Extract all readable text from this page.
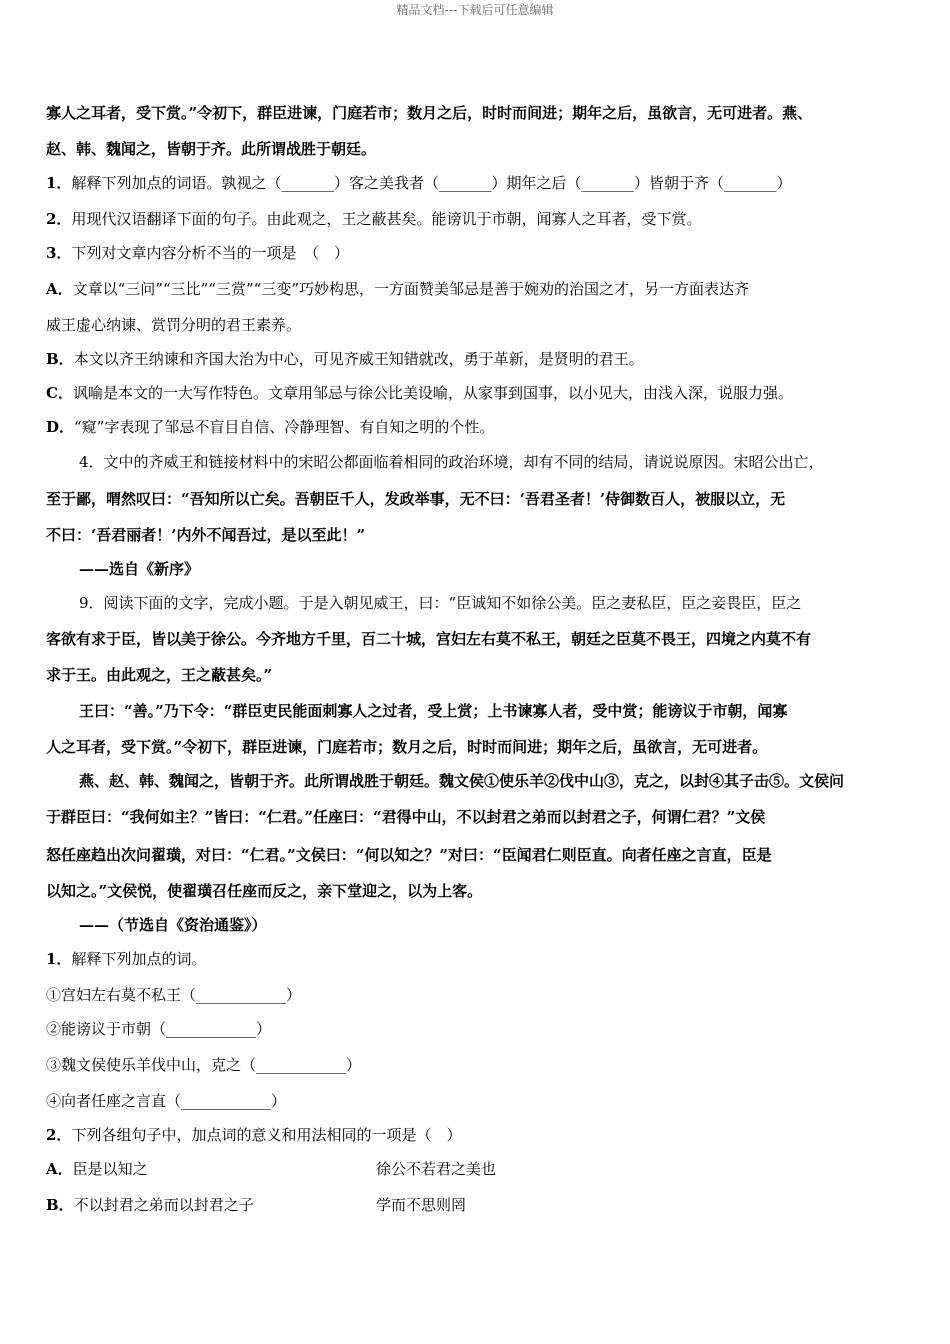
精品文档---下载后可任意编辑
寡人之耳者，受下赏。”令初下，群臣进谏，门庭若市；数月之后，时时而间进；期年之后，虽欲言，无可进者。燕、
赵、韩、魏闻之，皆朝于齐。此所谓战胜于朝廷。
1．解释下列加点的词语。孰视之（_______）客之美我者（_______）期年之后（_______）皆朝于齐（_______）
2．用现代汉语翻译下面的句子。由此观之，王之蔽甚矣。能谤讥于市朝，闻寡人之耳者，受下赏。
3．下列对文章内容分析不当的一项是　（　）
A．文章以“三问”“三比”“三赏”“三变”巧妙构思，一方面赞美邹忌是善于婉劝的治国之才，另一方面表达齐
威王虚心纳谏、赏罚分明的君王素养。
B．本文以齐王纳谏和齐国大治为中心，可见齐威王知错就改，勇于革新，是贤明的君王。
C．讽喻是本文的一大写作特色。文章用邹忌与徐公比美设喻，从家事到国事，以小见大，由浅入深，说服力强。
D．“窥”字表现了邹忌不盲目自信、冷静理智、有自知之明的个性。
4．文中的齐威王和链接材料中的宋昭公都面临着相同的政治环境，却有不同的结局，请说说原因。宋昭公出亡，
至于鄙，喟然叹曰：“吾知所以亡矣。吾朝臣千人，发政举事，无不曰：‘吾君圣者！’侍御数百人，被服以立，无
不曰：‘吾君丽者！’内外不闻吾过，是以至此！”
——选自《新序》
9．阅读下面的文字，完成小题。于是入朝见威王，曰：“臣诚知不如徐公美。臣之妻私臣，臣之妾畏臣，臣之
客欲有求于臣，皆以美于徐公。今齐地方千里，百二十城，宫妇左右莫不私王，朝廷之臣莫不畏王，四境之内莫不有
求于王。由此观之，王之蔽甚矣。”
王曰：“善。”乃下令：“群臣吏民能面刺寡人之过者，受上赏；上书谏寡人者，受中赏；能谤议于市朝，闻寡
人之耳者，受下赏。”令初下，群臣进谏，门庭若市；数月之后，时时而间进；期年之后，虽欲言，无可进者。
燕、赵、韩、魏闻之，皆朝于齐。此所谓战胜于朝廷。魏文侯①使乐羊②伐中山③，克之，以封④其子击⑤。文侯问
于群臣曰：“我何如主？”皆曰：“仁君。”任座曰：“君得中山，不以封君之弟而以封君之子，何谓仁君？”文侯
怒任座趋出次问翟璜，对曰：“仁君。”文侯曰：“何以知之？”对曰：“臣闻君仁则臣直。向者任座之言直，臣是
以知之。”文侯悦，使翟璜召任座而反之，亲下堂迎之，以为上客。
——（节选自《资治通鉴》）
1．解释下列加点的词。
①宫妇左右莫不私王（____________）
②能谤议于市朝（____________）
③魏文侯使乐羊伐中山，克之（____________）
④向者任座之言直（____________）
2．下列各组句子中，加点词的意义和用法相同的一项是（　）
A．臣是以知之	徐公不若君之美也
B．不以封君之弟而以封君之子	学而不思则罔
